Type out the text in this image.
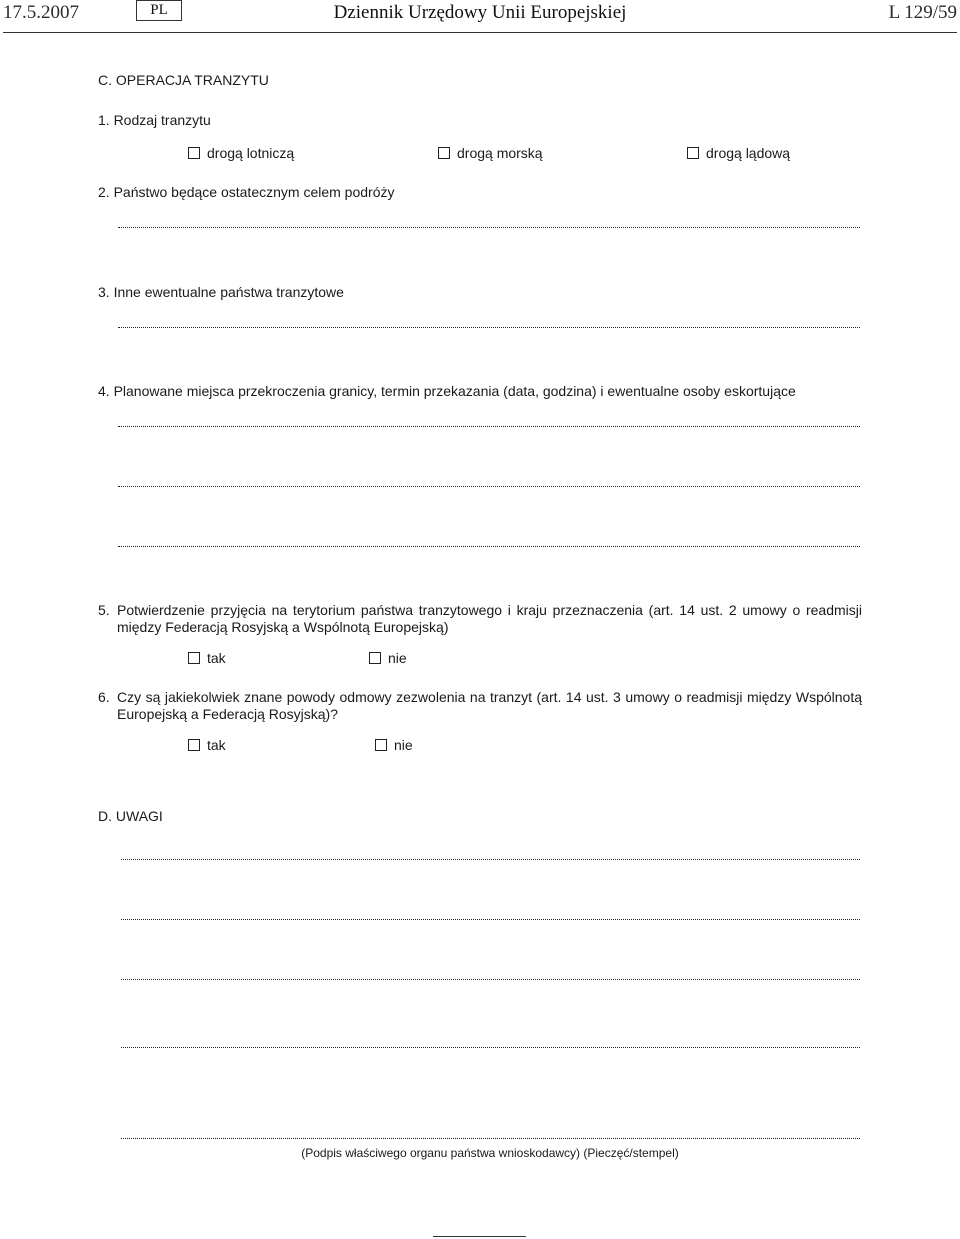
17.5.2007	PL	Dziennik Urzędowy Unii Europejskiej	L 129/59
C. OPERACJA TRANZYTU
1. Rodzaj tranzytu
drogą lotniczą	drogą morską	drogą lądową
2. Państwo będące ostatecznym celem podróży
3. Inne ewentualne państwa tranzytowe
4. Planowane miejsca przekroczenia granicy, termin przekazania (data, godzina) i ewentualne osoby eskortujące
5. Potwierdzenie przyjęcia na terytorium państwa tranzytowego i kraju przeznaczenia (art. 14 ust. 2 umowy o readmisji między Federacją Rosyjską a Wspólnotą Europejską)
tak	nie
6. Czy są jakiekolwiek znane powody odmowy zezwolenia na tranzyt (art. 14 ust. 3 umowy o readmisji między Wspólnotą Europejską a Federacją Rosyjską)?
tak	nie
D. UWAGI
(Podpis właściwego organu państwa wnioskodawcy) (Pieczęć/stempel)
